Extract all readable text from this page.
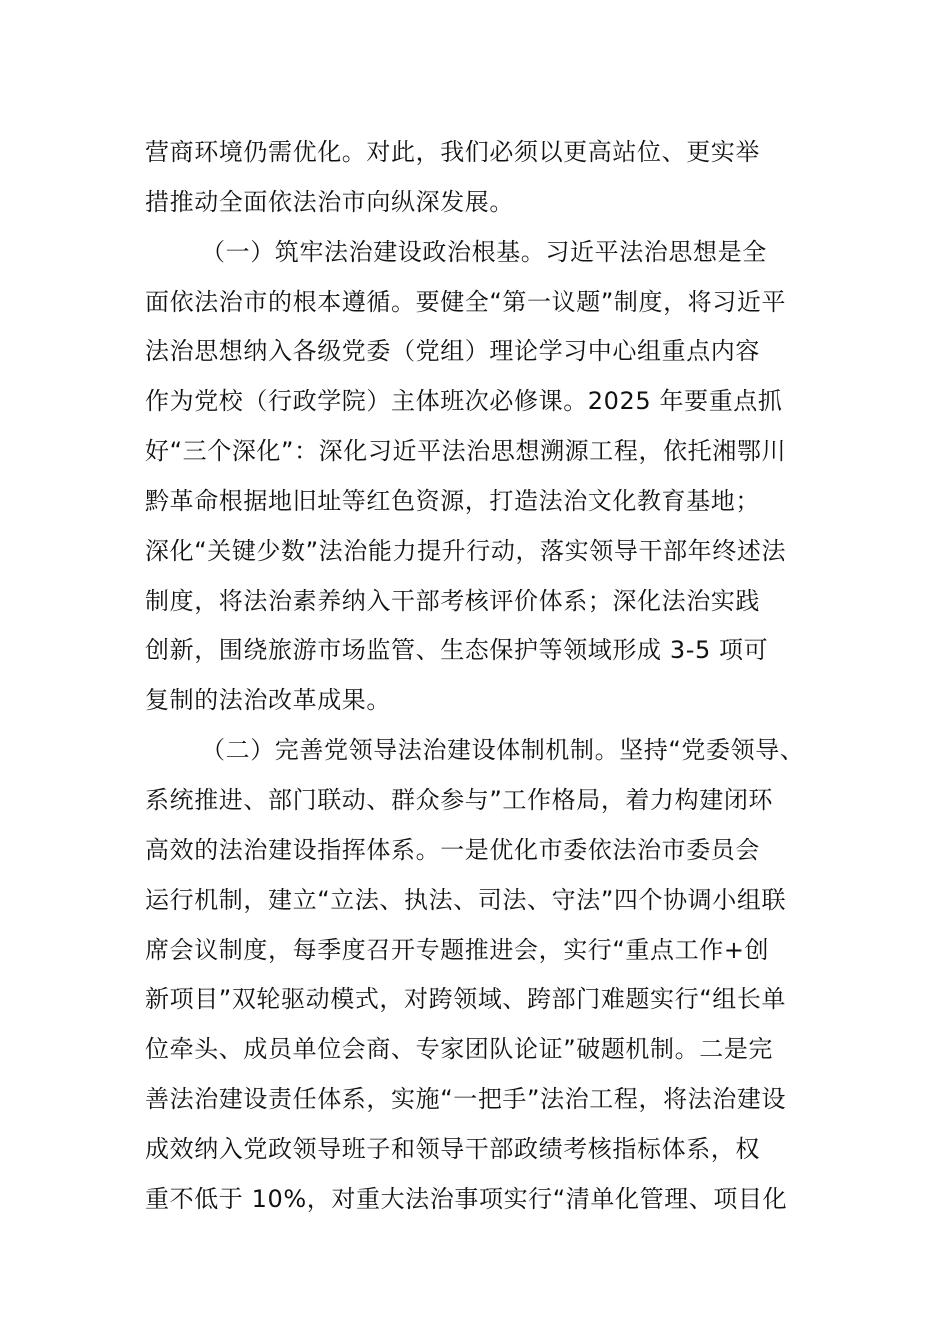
营商环境仍需优化。对此，我们必须以更高站位、更实举
措推动全面依法治市向纵深发展。
（一）筑牢法治建设政治根基。习近平法治思想是全
面依法治市的根本遵循。要健全“第一议题”制度，将习近平
法治思想纳入各级党委（党组）理论学习中心组重点内容
作为党校（行政学院）主体班次必修课。2025 年要重点抓
好“三个深化”：深化习近平法治思想溯源工程，依托湘鄂川
黔革命根据地旧址等红色资源，打造法治文化教育基地；
深化“关键少数”法治能力提升行动，落实领导干部年终述法
制度，将法治素养纳入干部考核评价体系；深化法治实践
创新，围绕旅游市场监管、生态保护等领域形成 3-5 项可
复制的法治改革成果。
（二）完善党领导法治建设体制机制。坚持“党委领导、
系统推进、部门联动、群众参与”工作格局，着力构建闭环
高效的法治建设指挥体系。一是优化市委依法治市委员会
运行机制，建立“立法、执法、司法、守法”四个协调小组联
席会议制度，每季度召开专题推进会，实行“重点工作+创
新项目”双轮驱动模式，对跨领域、跨部门难题实行“组长单
位牵头、成员单位会商、专家团队论证”破题机制。二是完
善法治建设责任体系，实施“一把手”法治工程，将法治建设
成效纳入党政领导班子和领导干部政绩考核指标体系，权
重不低于 10%，对重大法治事项实行“清单化管理、项目化
